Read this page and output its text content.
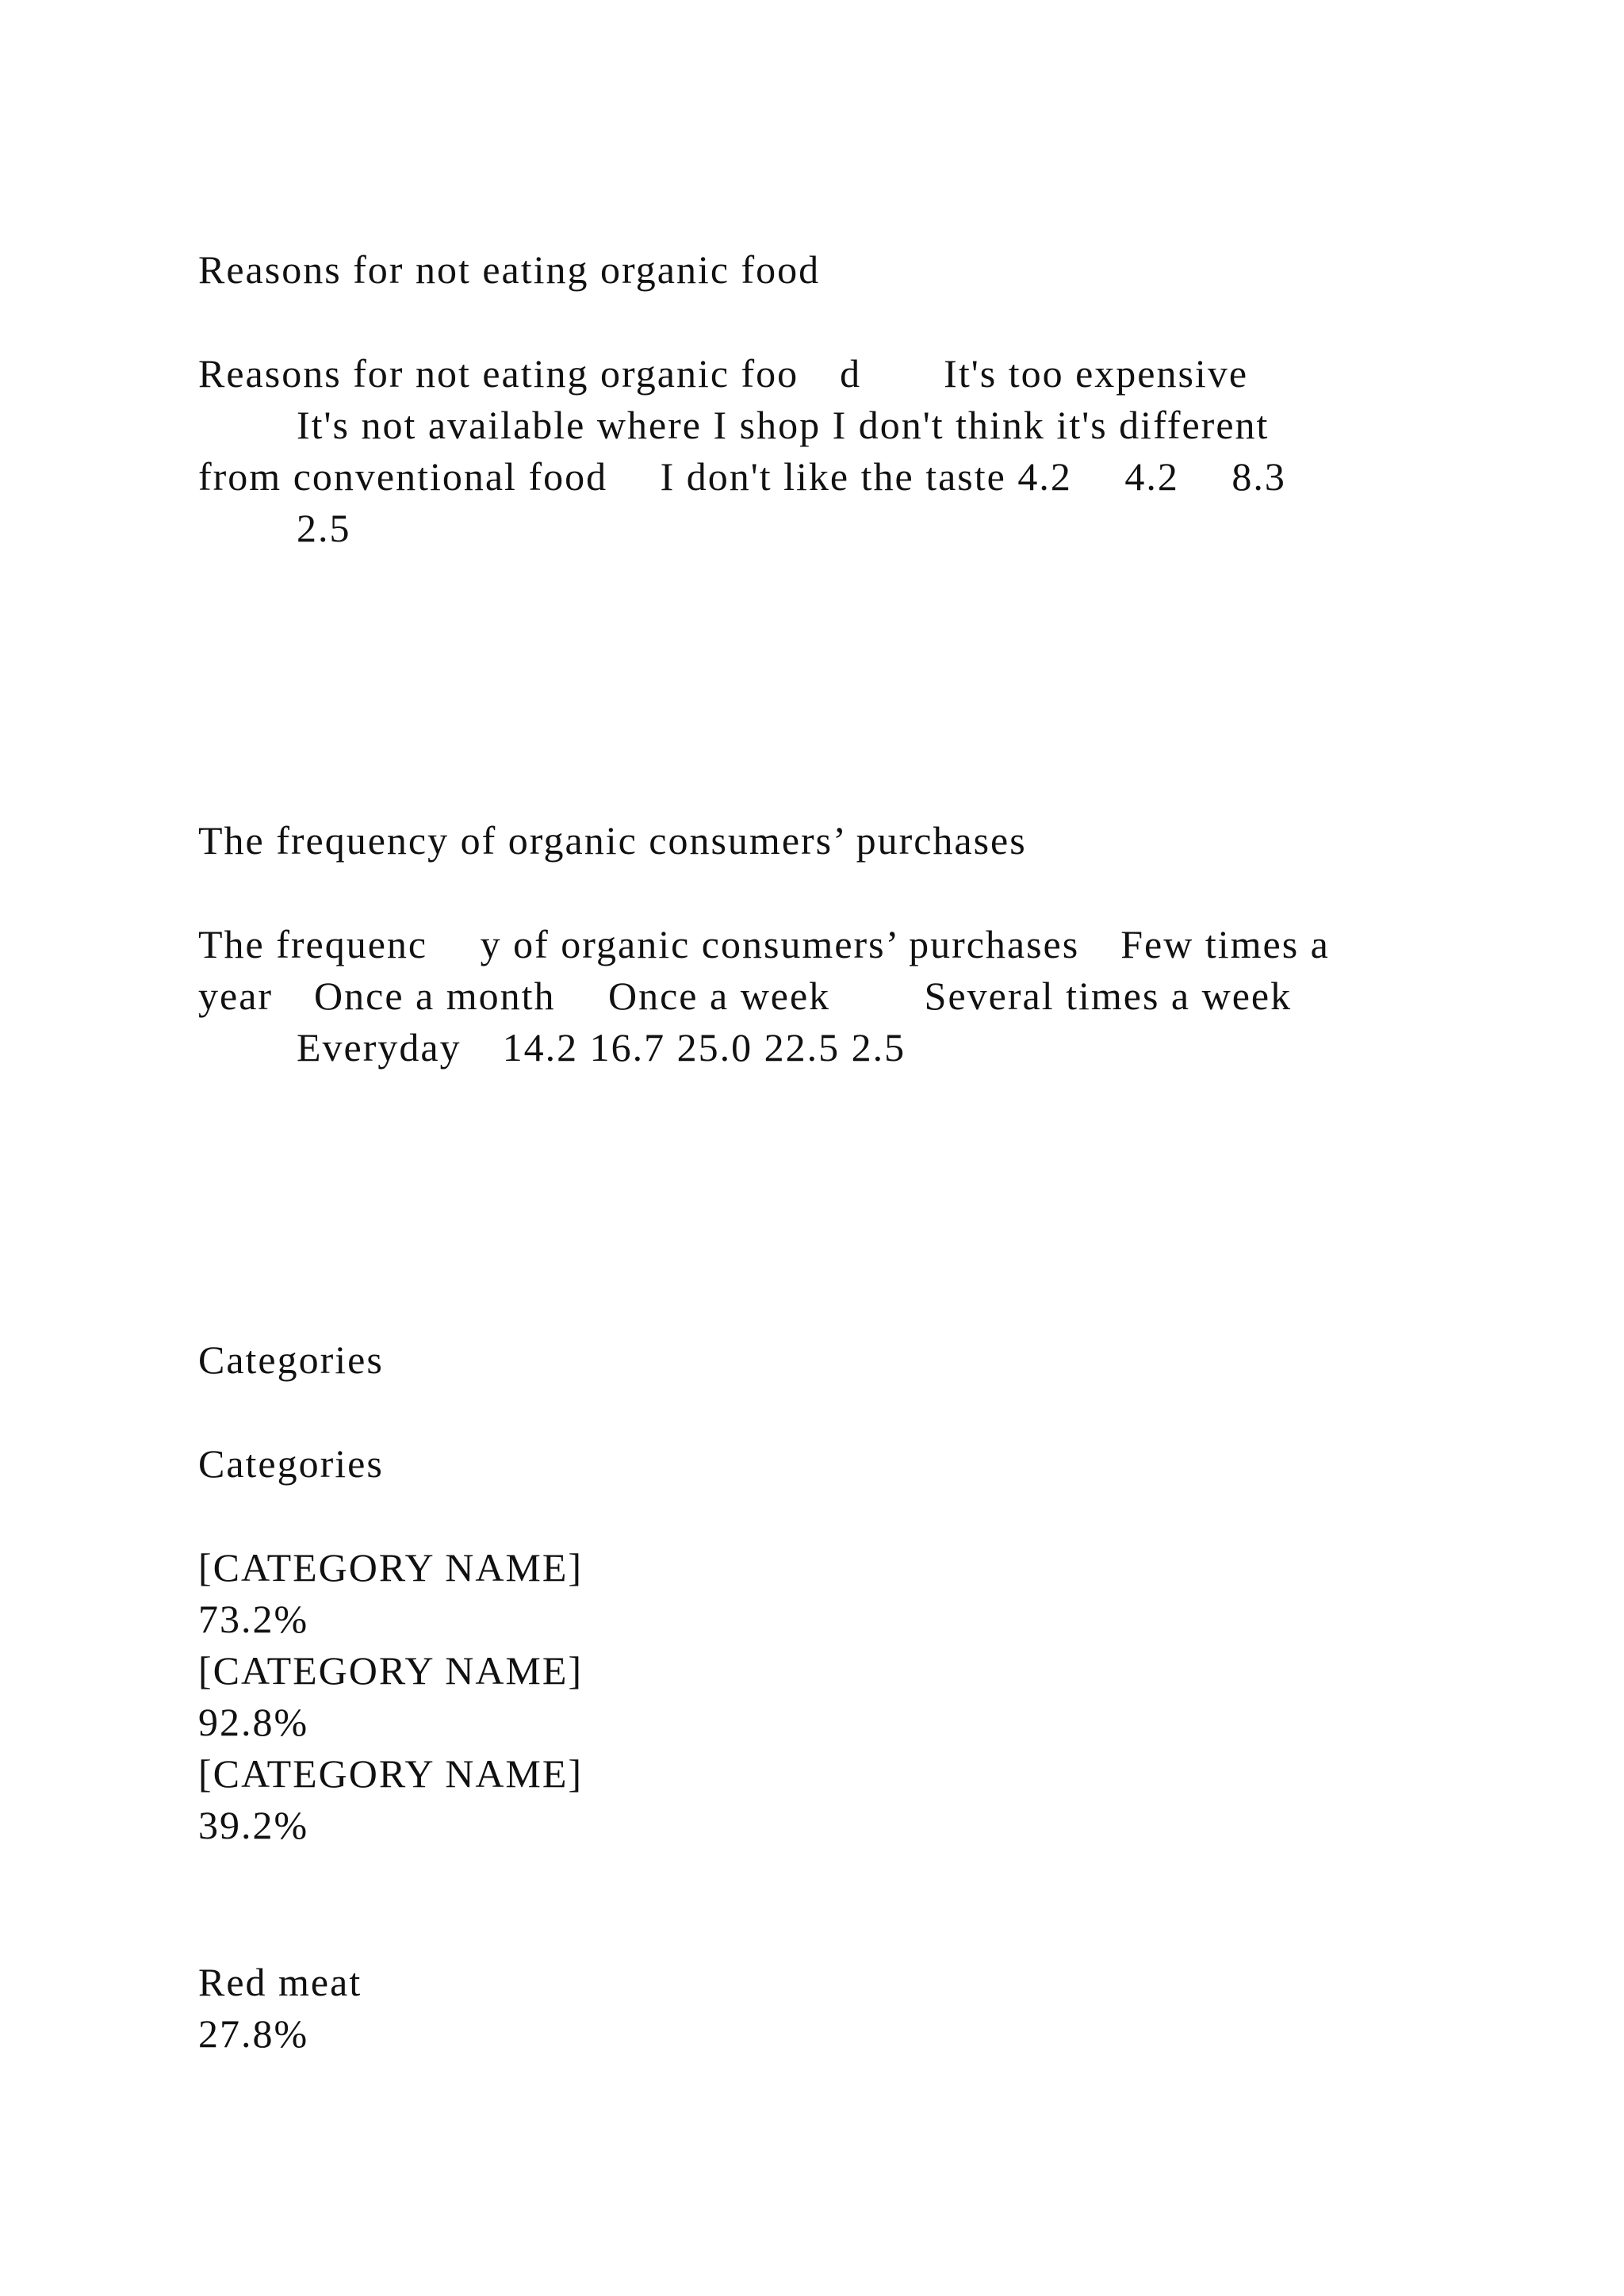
Reasons for not eating organic food
Reasons for not eating organic foo d  It's too expensive
It's not available where I shop I don't think it's different
from conventional food  I don't like the taste 4.2  4.2  8.3
2.5
The frequency of organic consumers’ purchases
The frequenc  y of organic consumers’ purchases Few times a
year Once a month  Once a week   Several times a week
Everyday 14.2 16.7 25.0 22.5 2.5
Categories
Categories
[CATEGORY NAME]
73.2%
[CATEGORY NAME]
92.8%
[CATEGORY NAME]
39.2%
Red meat
27.8%
